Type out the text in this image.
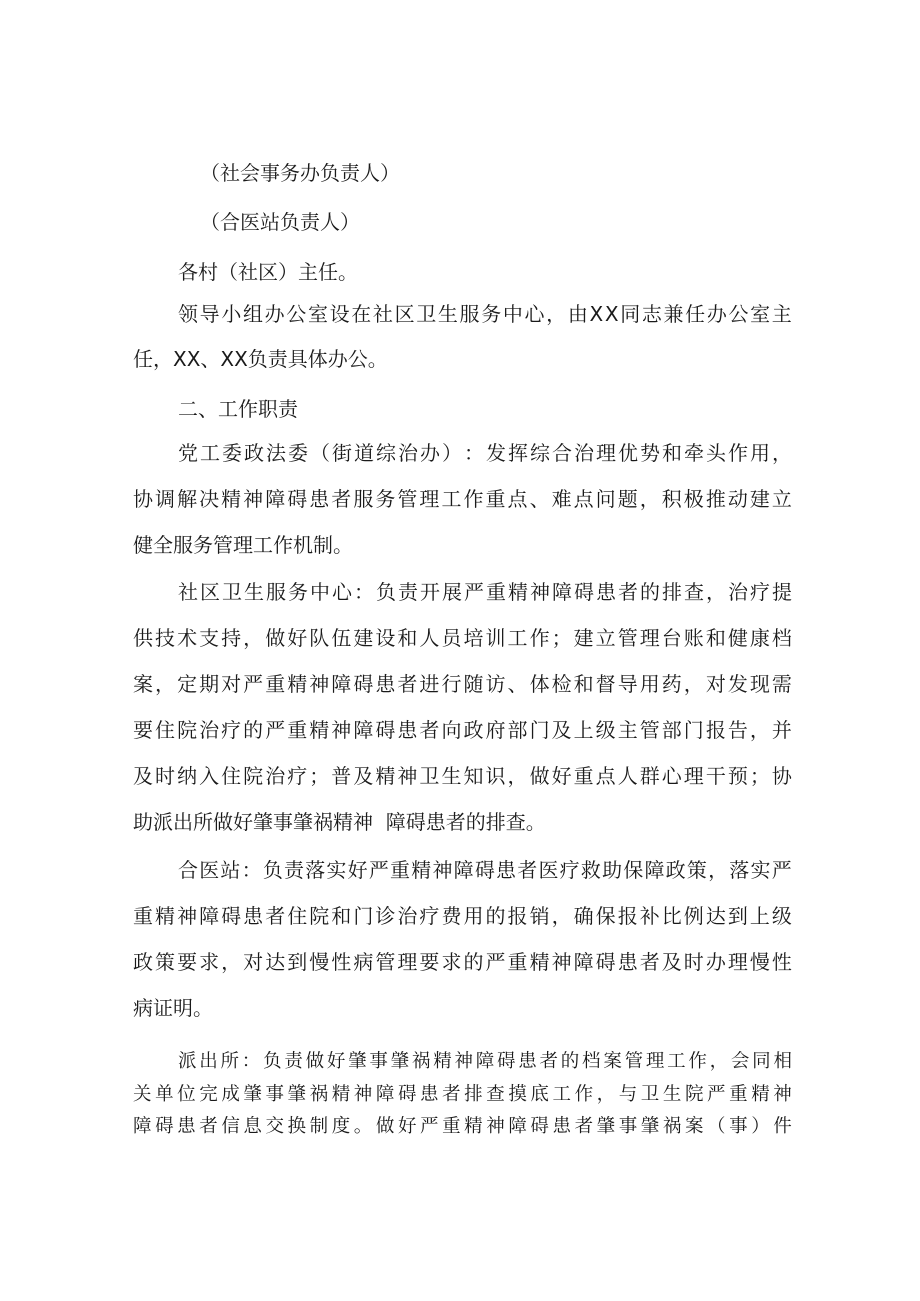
（社会事务办负责人）
（合医站负责人）
各村（社区）主任。
领 导 小 组 办 公 室 设 在 社 区 卫 生 服 务 中 心 ， 由 X X 同 志 兼 任 办 公 室 主
任，XX、XX负责具体办公。
二、工作职责
党 工 委 政 法 委 （ 街 道 综 治 办 ） ： 发 挥 综 合 治 理 优 势 和 牵 头 作 用 ，
协 调 解 决 精 神 障 碍 患 者 服 务 管 理 工 作 重 点 、 难 点 问 题 ， 积 极 推 动 建 立
健全服务管理工作机制。
社 区 卫 生 服 务 中 心 ： 负 责 开 展 严 重 精 神 障 碍 患 者 的 排 查 ， 治 疗 提
供 技 术 支 持 ， 做 好 队 伍 建 设 和 人 员 培 训 工 作 ； 建 立 管 理 台 账 和 健 康 档
案 ， 定 期 对 严 重 精 神 障 碍 患 者 进 行 随 访 、 体 检 和 督 导 用 药 ， 对 发 现 需
要 住 院 治 疗 的 严 重 精 神 障 碍 患 者 向 政 府 部 门 及 上 级 主 管 部 门 报 告 ， 并
及 时 纳 入 住 院 治 疗 ； 普 及 精 神 卫 生 知 识 ， 做 好 重 点 人 群 心 理 干 预 ； 协
助派出所做好肇事肇祸精神  障碍患者的排查。
合 医 站 ： 负 责 落 实 好 严 重 精 神 障 碍 患 者 医 疗 救 助 保 障 政 策 ， 落 实 严
重 精 神 障 碍 患 者 住 院 和 门 诊 治 疗 费 用 的 报 销 ， 确 保 报 补 比 例 达 到 上 级
政 策 要 求 ， 对 达 到 慢 性 病 管 理 要 求 的 严 重 精 神 障 碍 患 者 及 时 办 理 慢 性
病证明。
派 出 所 ： 负 责 做 好 肇 事 肇 祸 精 神 障 碍 患 者 的 档 案 管 理 工 作 ， 会 同 相
关 单 位 完 成 肇 事 肇 祸 精 神 障 碍 患 者 排 查 摸 底 工 作 ， 与 卫 生 院 严 重 精 神
障 碍 患 者 信 息 交 换 制 度 。 做 好 严 重 精 神 障 碍 患 者 肇 事 肇 祸 案 （ 事 ） 件
